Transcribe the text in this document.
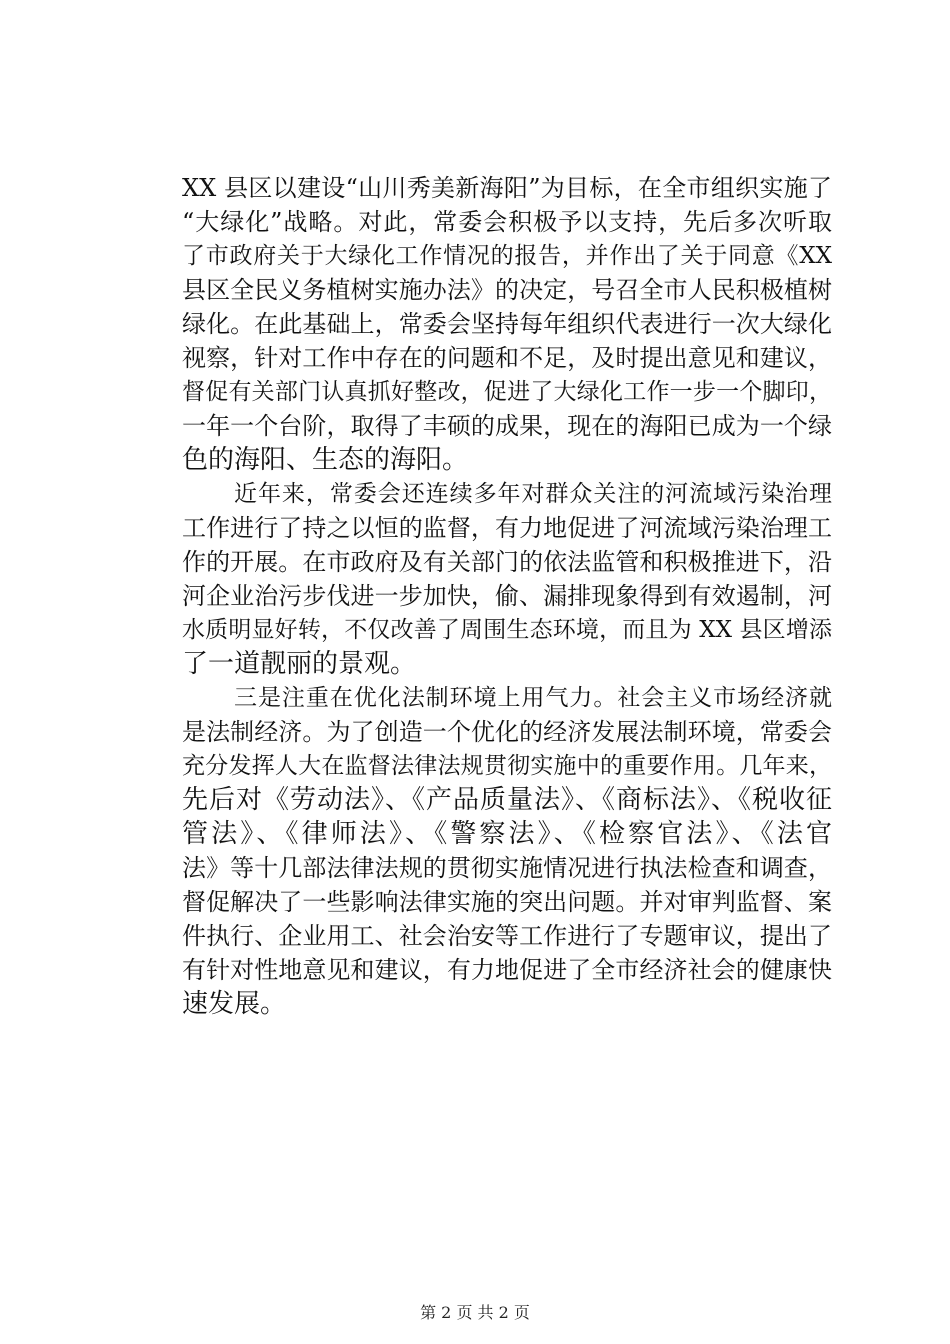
XX 县区以建设“山川秀美新海阳”为目标，在全市组织实施了
“大绿化”战略。对此，常委会积极予以支持，先后多次听取
了市政府关于大绿化工作情况的报告，并作出了关于同意《XX
县区全民义务植树实施办法》的决定，号召全市人民积极植树
绿化。在此基础上，常委会坚持每年组织代表进行一次大绿化
视察，针对工作中存在的问题和不足，及时提出意见和建议，
督促有关部门认真抓好整改，促进了大绿化工作一步一个脚印，
一年一个台阶，取得了丰硕的成果，现在的海阳已成为一个绿
色的海阳、生态的海阳。
近年来，常委会还连续多年对群众关注的河流域污染治理
工作进行了持之以恒的监督，有力地促进了河流域污染治理工
作的开展。在市政府及有关部门的依法监管和积极推进下，沿
河企业治污步伐进一步加快，偷、漏排现象得到有效遏制，河
水质明显好转，不仅改善了周围生态环境，而且为 XX 县区增添
了一道靓丽的景观。
三是注重在优化法制环境上用气力。社会主义市场经济就
是法制经济。为了创造一个优化的经济发展法制环境，常委会
充分发挥人大在监督法律法规贯彻实施中的重要作用。几年来，
先后对《劳动法》、《产品质量法》、《商标法》、《税收征
管法》、《律师法》、《警察法》、《检察官法》、《法官
法》等十几部法律法规的贯彻实施情况进行执法检查和调查，
督促解决了一些影响法律实施的突出问题。并对审判监督、案
件执行、企业用工、社会治安等工作进行了专题审议，提出了
有针对性地意见和建议，有力地促进了全市经济社会的健康快
速发展。
第 2 页 共 2 页
